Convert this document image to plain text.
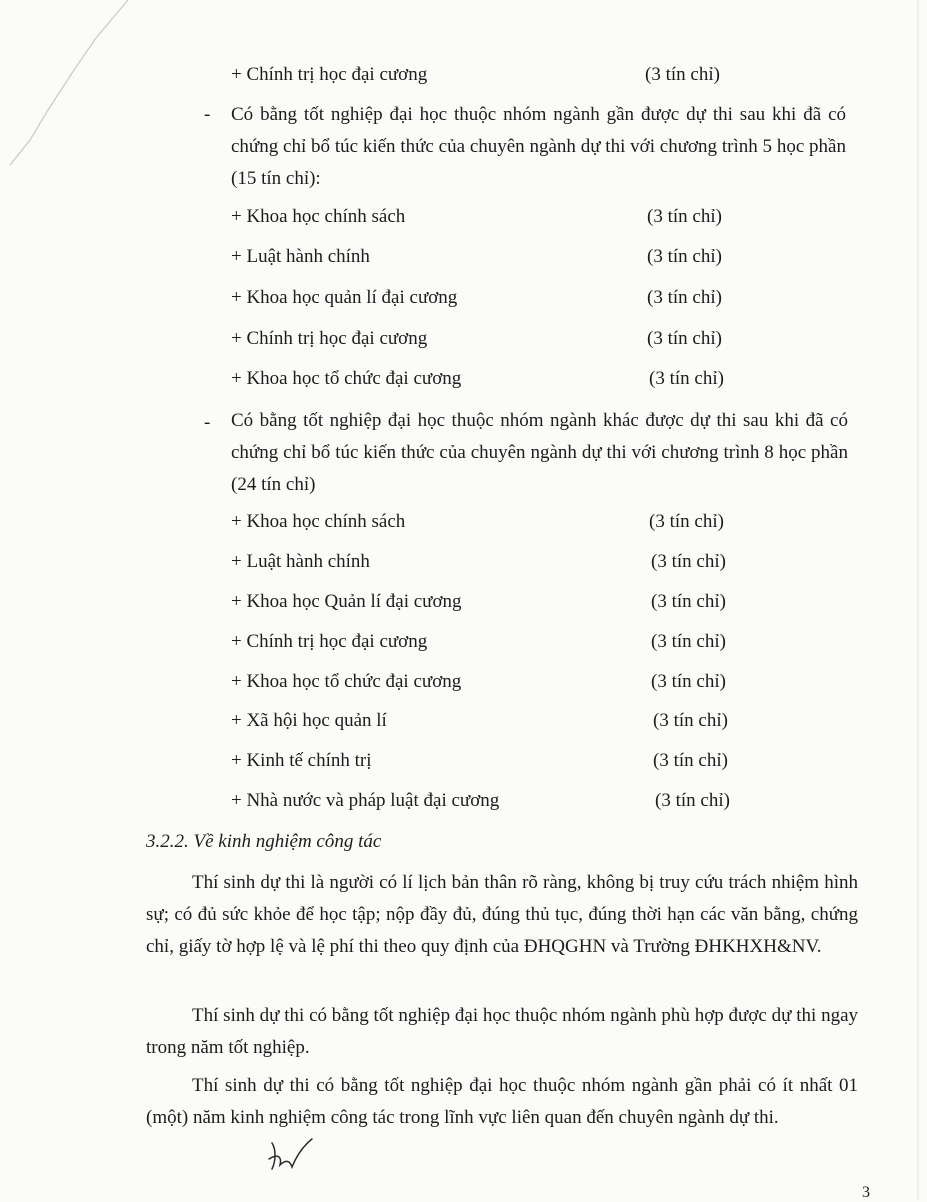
+ Chính trị học đại cương	(3 tín chỉ)
- Có bằng tốt nghiệp đại học thuộc nhóm ngành gần được dự thi sau khi đã có chứng chỉ bổ túc kiến thức của chuyên ngành dự thi với chương trình 5 học phần (15 tín chỉ):
+ Khoa học chính sách	(3 tín chỉ)
+ Luật hành chính	(3 tín chỉ)
+ Khoa học quản lí đại cương	(3 tín chỉ)
+ Chính trị học đại cương	(3 tín chỉ)
+ Khoa học tổ chức đại cương	(3 tín chỉ)
- Có bằng tốt nghiệp đại học thuộc nhóm ngành khác được dự thi sau khi đã có chứng chỉ bổ túc kiến thức của chuyên ngành dự thi với chương trình 8 học phần (24 tín chỉ)
+ Khoa học chính sách	(3 tín chỉ)
+ Luật hành chính	(3 tín chỉ)
+ Khoa học Quản lí đại cương	(3 tín chỉ)
+ Chính trị học đại cương	(3 tín chỉ)
+ Khoa học tổ chức đại cương	(3 tín chỉ)
+ Xã hội học quản lí	(3 tín chỉ)
+ Kinh tế chính trị	(3 tín chỉ)
+ Nhà nước và pháp luật đại cương	(3 tín chỉ)
3.2.2. Về kinh nghiệm công tác
Thí sinh dự thi là người có lí lịch bản thân rõ ràng, không bị truy cứu trách nhiệm hình sự; có đủ sức khỏe để học tập; nộp đầy đủ, đúng thủ tục, đúng thời hạn các văn bằng, chứng chỉ, giấy tờ hợp lệ và lệ phí thi theo quy định của ĐHQGHN và Trường ĐHKHXH&NV.
Thí sinh dự thi có bằng tốt nghiệp đại học thuộc nhóm ngành phù hợp được dự thi ngay trong năm tốt nghiệp.
Thí sinh dự thi có bằng tốt nghiệp đại học thuộc nhóm ngành gần phải có ít nhất 01 (một) năm kinh nghiệm công tác trong lĩnh vực liên quan đến chuyên ngành dự thi.
3
